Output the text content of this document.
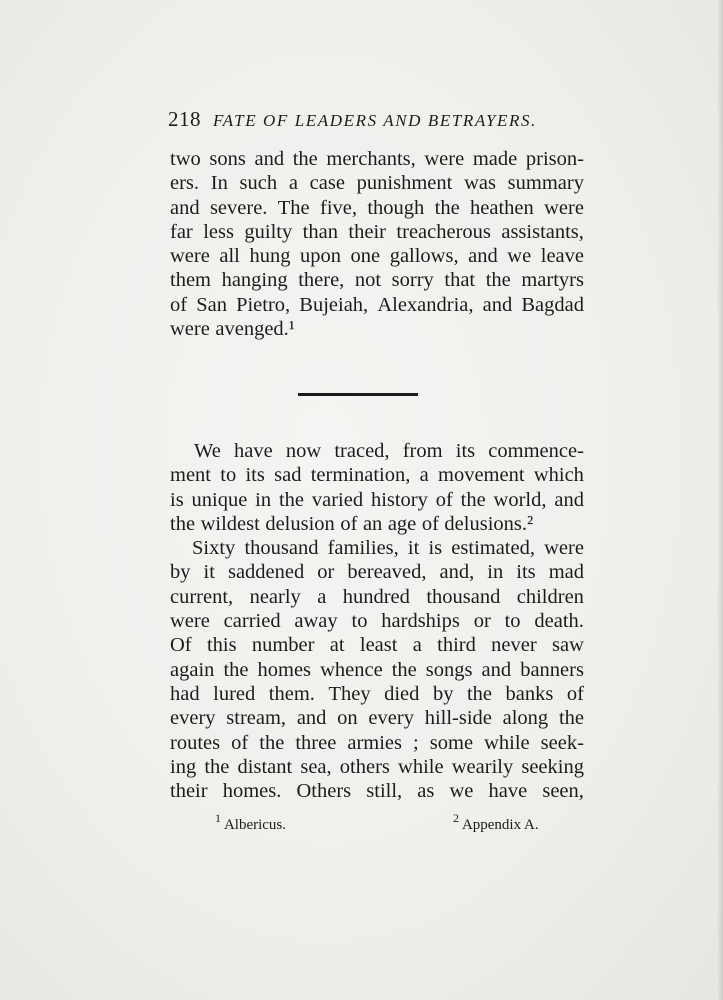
218 FATE OF LEADERS AND BETRAYERS.
two sons and the merchants, were made prison-
ers. In such a case punishment was summary
and severe. The five, though the heathen were
far less guilty than their treacherous assistants,
were all hung upon one gallows, and we leave
them hanging there, not sorry that the martyrs
of San Pietro, Bujeiah, Alexandria, and Bagdad
were avenged.¹
We have now traced, from its commence-
ment to its sad termination, a movement which
is unique in the varied history of the world, and
the wildest delusion of an age of delusions.²
Sixty thousand families, it is estimated, were
by it saddened or bereaved, and, in its mad
current, nearly a hundred thousand children
were carried away to hardships or to death.
Of this number at least a third never saw
again the homes whence the songs and banners
had lured them. They died by the banks of
every stream, and on every hill-side along the
routes of the three armies ; some while seek-
ing the distant sea, others while wearily seeking
their homes. Others still, as we have seen,
$^1$ Albericus.	$^2$ Appendix A.
